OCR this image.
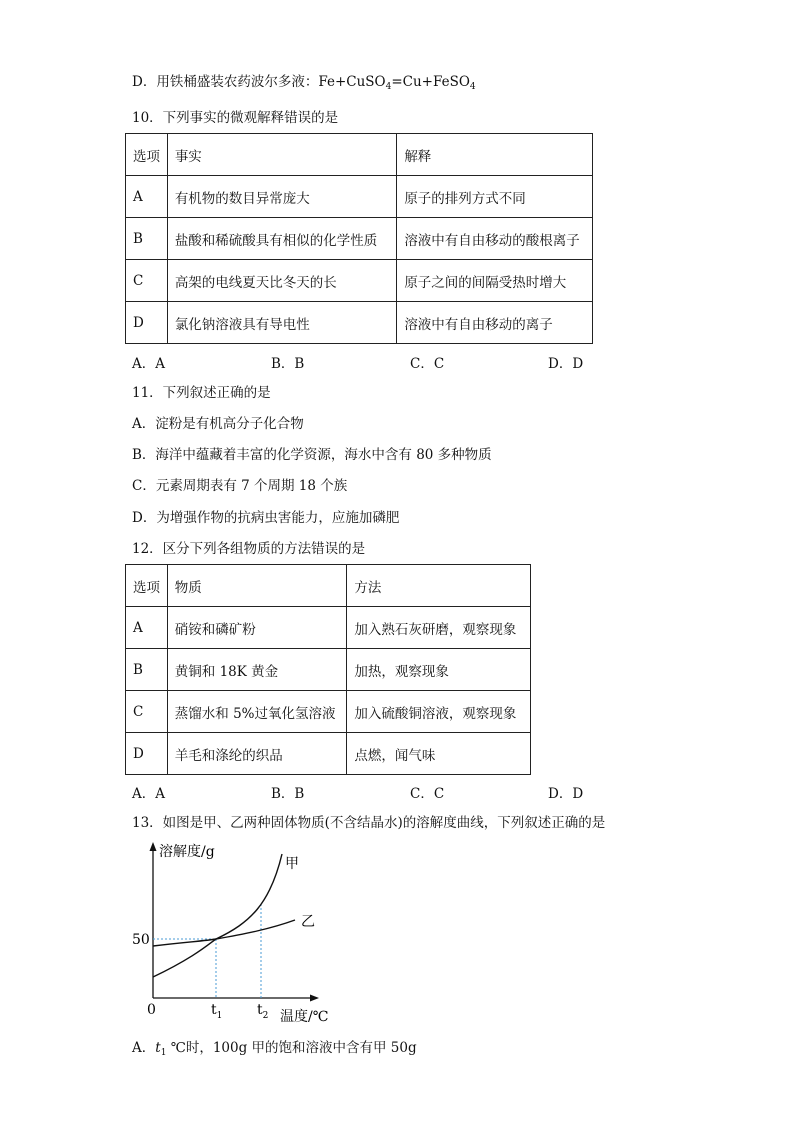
D．用铁桶盛装农药波尔多液：Fe+CuSO$_4$=Cu+FeSO$_4$
10．下列事实的微观解释错误的是
选项	事实	解释
A	有机物的数目异常庞大	原子的排列方式不同
B	盐酸和稀硫酸具有相似的化学性质	溶液中有自由移动的酸根离子
C	高架的电线夏天比冬天的长	原子之间的间隔受热时增大
D	氯化钠溶液具有导电性	溶液中有自由移动的离子
A．A	B．B	C．C	D．D
11．下列叙述正确的是
A．淀粉是有机高分子化合物
B．海洋中蕴藏着丰富的化学资源，海水中含有 80 多种物质
C．元素周期表有 7 个周期 18 个族
D．为增强作物的抗病虫害能力，应施加磷肥
12．区分下列各组物质的方法错误的是
选项	物质	方法
A	硝铵和磷矿粉	加入熟石灰研磨，观察现象
B	黄铜和 18K 黄金	加热，观察现象
C	蒸馏水和 5%过氧化氢溶液	加入硫酸铜溶液，观察现象
D	羊毛和涤纶的织品	点燃，闻气味
A．A	B．B	C．C	D．D
13．如图是甲、乙两种固体物质(不含结晶水)的溶解度曲线，下列叙述正确的是
溶解度/g
甲
乙
50
0	$t_1$ $t_2$ 温度/℃
A．$t_1$ ℃时，100g 甲的饱和溶液中含有甲 50g
